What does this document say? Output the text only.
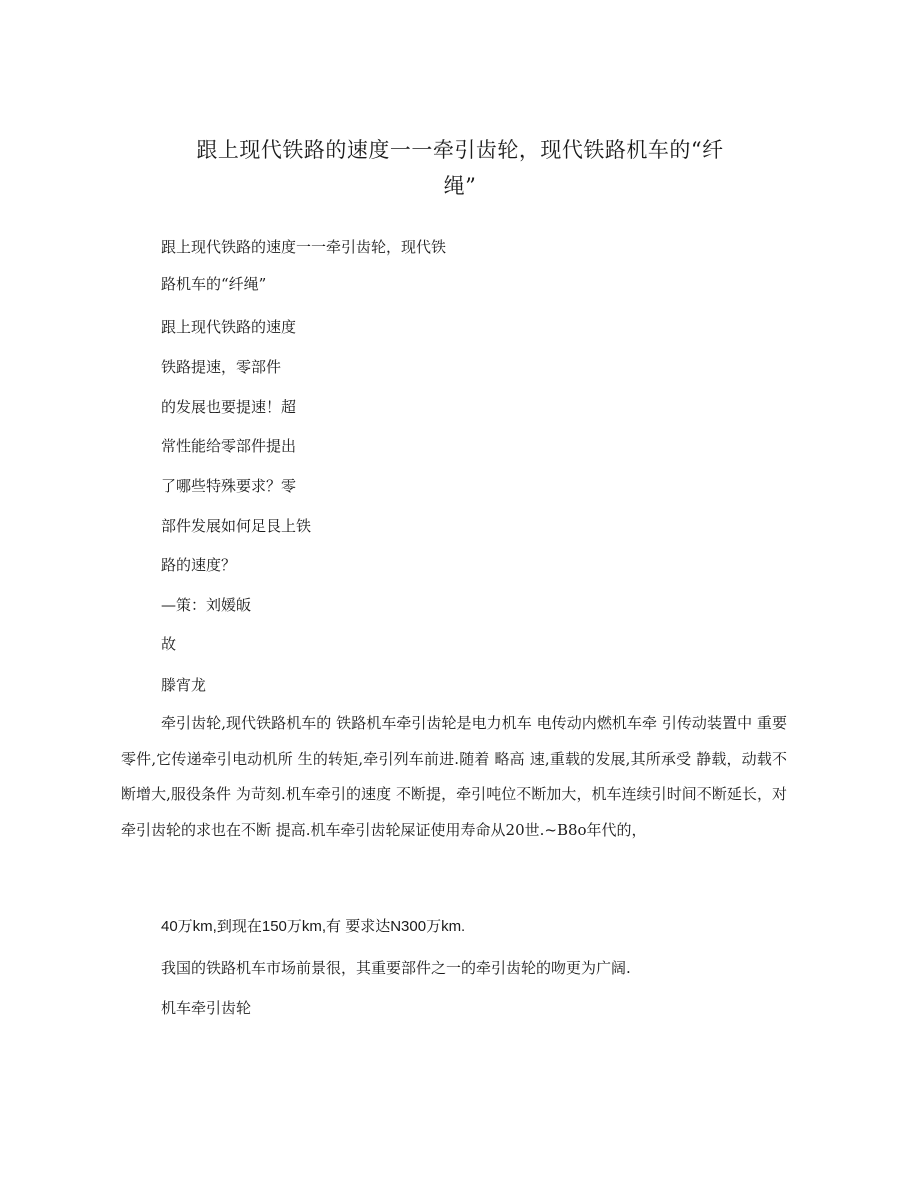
跟上现代铁路的速度一一牵引齿轮，现代铁路机车的“纤
绳”
跟上现代铁路的速度一一牵引齿轮，现代铁
路机车的“纤绳”
跟上现代铁路的速度
铁路提速，零部件
的发展也要提速！超
常性能给零部件提出
了哪些特殊要求？零
部件发展如何足艮上铁
路的速度？
—策：刘媛皈
故
滕宵龙
牵引齿轮,现代铁路机车的 铁路机车牵引齿轮是电力机车 电传动内燃机车牵 引传动装置中 重要零件,它传递牵引电动机所 生的转矩,牵引列车前进.随着 略高 速,重载的发展,其所承受 静载，动载不断增大,服役条件 为苛刻.机车牵引的速度 不断提，牵引吨位不断加大，机车连续引时间不断延长，对牵引齿轮的求也在不断 提高.机车牵引齿轮屎证使用寿命从20世.~B8o年代的，
40万km,到现在150万km,有 要求达N300万km.
我国的铁路机车市场前景很，其重要部件之一的牵引齿轮的吻更为广阔.
机车牵引齿轮
